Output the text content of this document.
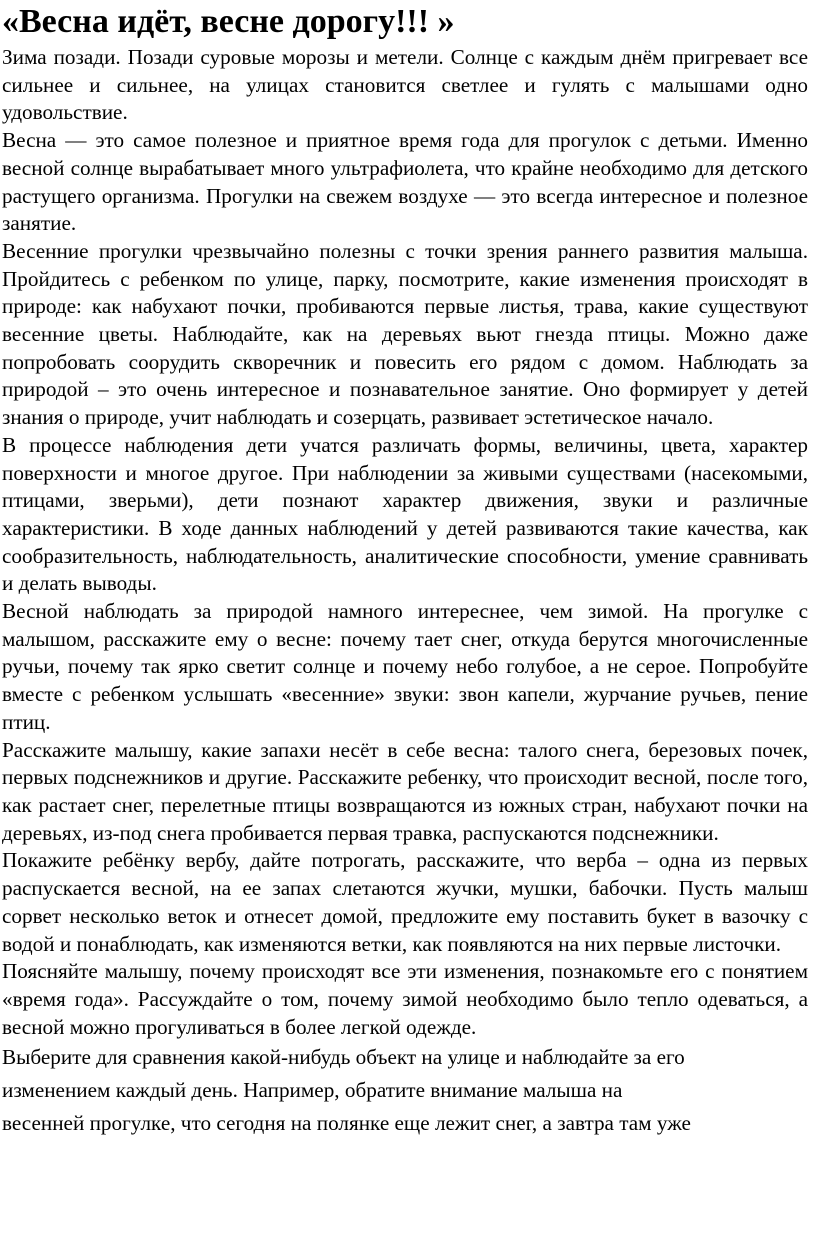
«Весна идёт, весне дорогу!!! »

Зима позади. Позади суровые морозы и метели. Солнце с каждым днём пригревает все сильнее и сильнее, на улицах становится светлее и гулять с малышами одно удовольствие.

Весна — это самое полезное и приятное время года для прогулок с детьми. Именно весной солнце вырабатывает много ультрафиолета, что крайне необходимо для детского растущего организма. Прогулки на свежем воздухе — это всегда интересное и полезное занятие.

Весенние прогулки чрезвычайно полезны с точки зрения раннего развития малыша. Пройдитесь с ребенком по улице, парку, посмотрите, какие изменения происходят в природе: как набухают почки, пробиваются первые листья, трава, какие существуют весенние цветы. Наблюдайте, как на деревьях вьют гнезда птицы. Можно даже попробовать соорудить скворечник и повесить его рядом с домом. Наблюдать за природой – это очень интересное и познавательное занятие. Оно формирует у детей знания о природе, учит наблюдать и созерцать, развивает эстетическое начало.

В процессе наблюдения дети учатся различать формы, величины, цвета, характер поверхности и многое другое. При наблюдении за живыми существами (насекомыми, птицами, зверьми), дети познают характер движения, звуки и различные характеристики. В ходе данных наблюдений у детей развиваются такие качества, как сообразительность, наблюдательность, аналитические способности, умение сравнивать и делать выводы.

Весной наблюдать за природой намного интереснее, чем зимой. На прогулке с малышом, расскажите ему о весне: почему тает снег, откуда берутся многочисленные ручьи, почему так ярко светит солнце и почему небо голубое, а не серое. Попробуйте вместе с ребенком услышать «весенние» звуки: звон капели, журчание ручьев, пение птиц.

Расскажите малышу, какие запахи несёт в себе весна: талого снега, березовых почек, первых подснежников и другие. Расскажите ребенку, что происходит весной, после того, как растает снег, перелетные птицы возвращаются из южных стран, набухают почки на деревьях, из-под снега пробивается первая травка, распускаются подснежники.

Покажите ребёнку вербу, дайте потрогать, расскажите, что верба – одна из первых распускается весной, на ее запах слетаются жучки, мушки, бабочки. Пусть малыш сорвет несколько веток и отнесет домой, предложите ему поставить букет в вазочку с водой и понаблюдать, как изменяются ветки, как появляются на них первые листочки.

Поясняйте малышу, почему происходят все эти изменения, познакомьте его с понятием «время года». Рассуждайте о том, почему зимой необходимо было тепло одеваться, а весной можно прогуливаться в более легкой одежде.

Выберите для сравнения какой-нибудь объект на улице и наблюдайте за его
изменением каждый день. Например, обратите внимание малыша на
весенней прогулке, что сегодня на полянке еще лежит снег, а завтра там уже
